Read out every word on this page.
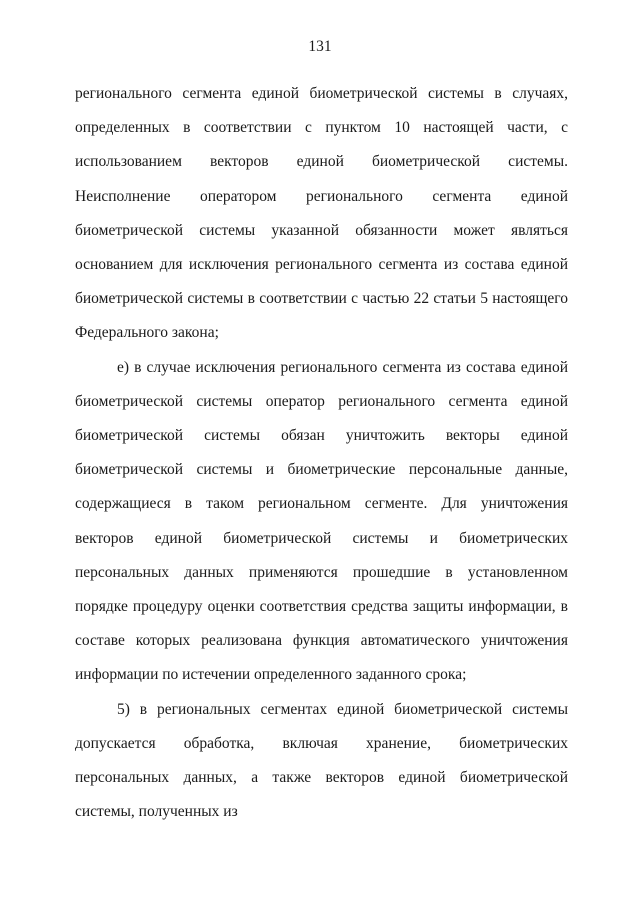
131

регионального сегмента единой биометрической системы в случаях, определенных в соответствии с пунктом 10 настоящей части, с использованием векторов единой биометрической системы. Неисполнение оператором регионального сегмента единой биометрической системы указанной обязанности может являться основанием для исключения регионального сегмента из состава единой биометрической системы в соответствии с частью 22 статьи 5 настоящего Федерального закона;

е) в случае исключения регионального сегмента из состава единой биометрической системы оператор регионального сегмента единой биометрической системы обязан уничтожить векторы единой биометрической системы и биометрические персональные данные, содержащиеся в таком региональном сегменте. Для уничтожения векторов единой биометрической системы и биометрических персональных данных применяются прошедшие в установленном порядке процедуру оценки соответствия средства защиты информации, в составе которых реализована функция автоматического уничтожения информации по истечении определенного заданного срока;

5) в региональных сегментах единой биометрической системы допускается обработка, включая хранение, биометрических персональных данных, а также векторов единой биометрической системы, полученных из
